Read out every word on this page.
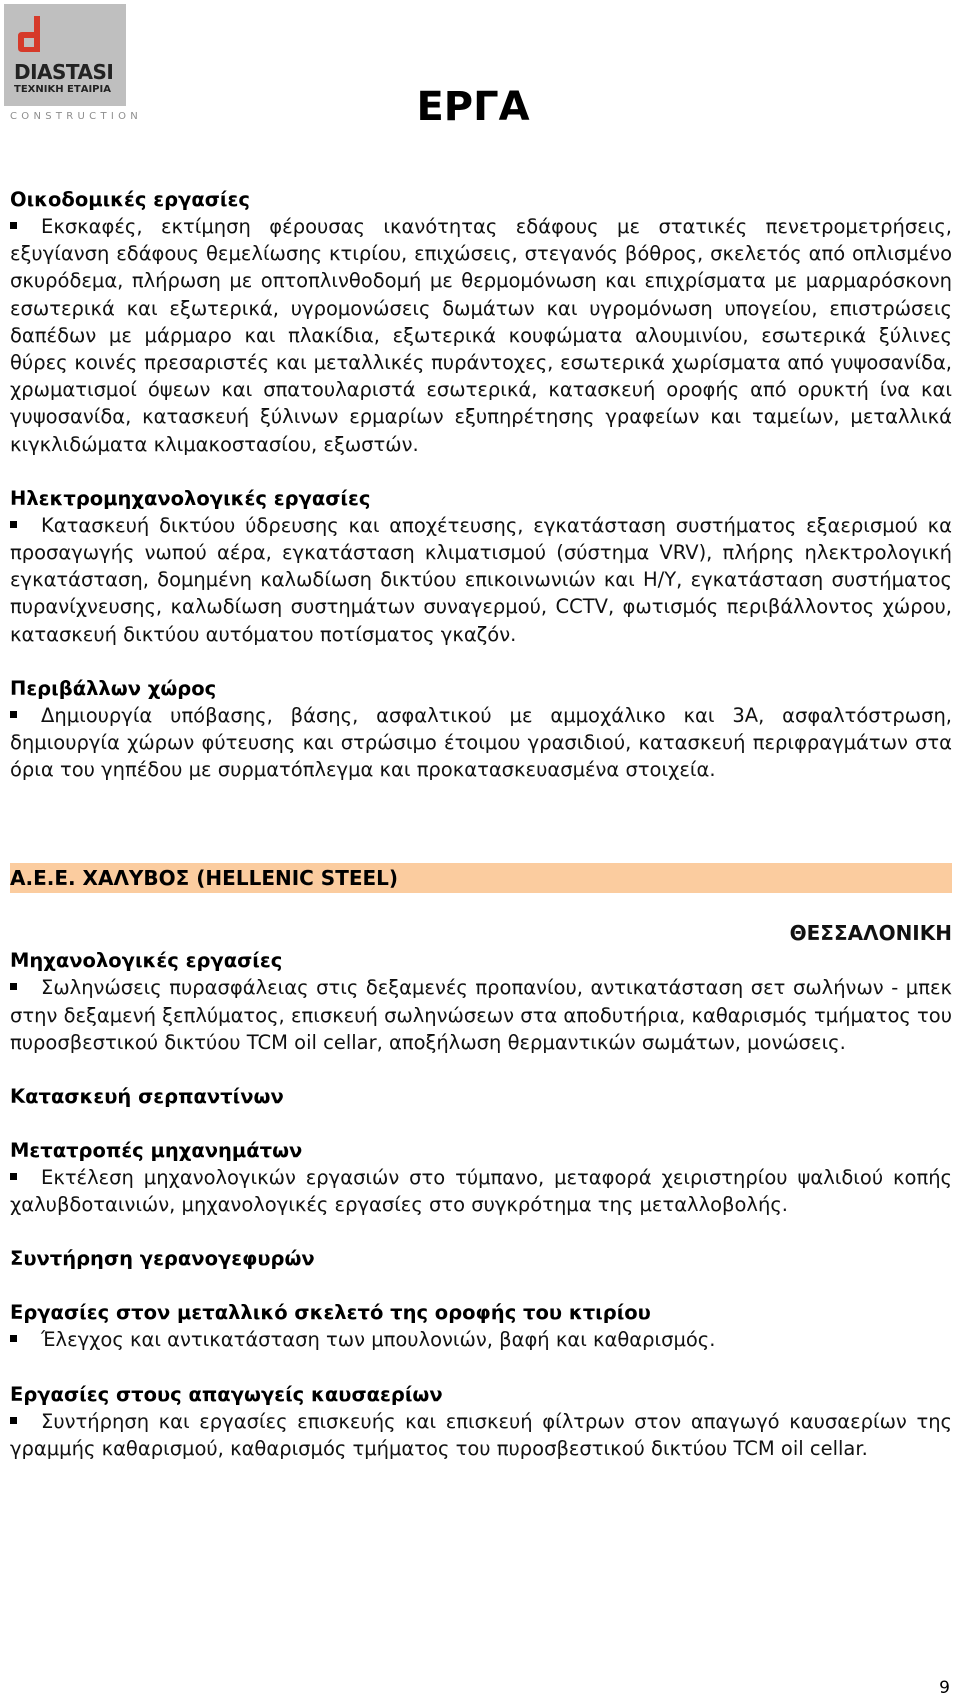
DIASTASI
ΤΕΧΝΙΚΗ ΕΤΑΙΡΙΑ
CONSTRUCTION	ΕΡΓΑ
Οικοδομικές εργασίες
Εκσκαφές, εκτίμηση φέρουσας ικανότητας εδάφους με στατικές πενετρομετρήσεις, εξυγίανση εδάφους θεμελίωσης κτιρίου, επιχώσεις, στεγανός βόθρος, σκελετός από οπλισμένο σκυρόδεμα, πλήρωση με οπτοπλινθοδομή με θερμομόνωση και επιχρίσματα με μαρμαρόσκονη εσωτερικά και εξωτερικά, υγρομονώσεις δωμάτων και υγρομόνωση υπογείου, επιστρώσεις δαπέδων με μάρμαρο και πλακίδια, εξωτερικά κουφώματα αλουμινίου, εσωτερικά ξύλινες θύρες κοινές πρεσαριστές και μεταλλικές πυράντοχες, εσωτερικά χωρίσματα από γυψοσανίδα, χρωματισμοί όψεων και σπατουλαριστά εσωτερικά, κατασκευή οροφής από ορυκτή ίνα και γυψοσανίδα, κατασκευή ξύλινων ερμαρίων εξυπηρέτησης γραφείων και ταμείων, μεταλλικά κιγκλιδώματα κλιμακοστασίου, εξωστών.
Ηλεκτρομηχανολογικές εργασίες
Κατασκευή δικτύου ύδρευσης και αποχέτευσης, εγκατάσταση συστήματος εξαερισμού κα προσαγωγής νωπού αέρα, εγκατάσταση κλιματισμού (σύστημα VRV), πλήρης ηλεκτρολογική εγκατάσταση, δομημένη καλωδίωση δικτύου επικοινωνιών και Η/Υ, εγκατάσταση συστήματος πυρανίχνευσης, καλωδίωση συστημάτων συναγερμού, CCTV, φωτισμός περιβάλλοντος χώρου, κατασκευή δικτύου αυτόματου ποτίσματος γκαζόν.
Περιβάλλων χώρος
Δημιουργία υπόβασης, βάσης, ασφαλτικού με αμμοχάλικο και 3Α, ασφαλτόστρωση, δημιουργία χώρων φύτευσης και στρώσιμο έτοιμου γρασιδιού, κατασκευή περιφραγμάτων στα όρια του γηπέδου με συρματόπλεγμα και προκατασκευασμένα στοιχεία.
Α.Ε.Ε. ΧΑΛΥΒΟΣ (HELLENIC STEEL)
ΘΕΣΣΑΛΟΝΙΚΗ
Μηχανολογικές εργασίες
Σωληνώσεις πυρασφάλειας στις δεξαμενές προπανίου, αντικατάσταση σετ σωλήνων - μπεκ στην δεξαμενή ξεπλύματος, επισκευή σωληνώσεων στα αποδυτήρια, καθαρισμός τμήματος του πυροσβεστικού δικτύου TCM oil cellar, αποξήλωση θερμαντικών σωμάτων, μονώσεις.
Κατασκευή σερπαντίνων
Μετατροπές μηχανημάτων
Εκτέλεση μηχανολογικών εργασιών στο τύμπανο, μεταφορά χειριστηρίου ψαλιδιού κοπής χαλυβδοταινιών, μηχανολογικές εργασίες στο συγκρότημα της μεταλλοβολής.
Συντήρηση γερανογεφυρών
Εργασίες στον μεταλλικό σκελετό της οροφής του κτιρίου
Έλεγχος και αντικατάσταση των μπουλονιών, βαφή και καθαρισμός.
Εργασίες στους απαγωγείς καυσαερίων
Συντήρηση και εργασίες επισκευής και επισκευή φίλτρων στον απαγωγό καυσαερίων της γραμμής καθαρισμού, καθαρισμός τμήματος του πυροσβεστικού δικτύου TCM oil cellar.
9
